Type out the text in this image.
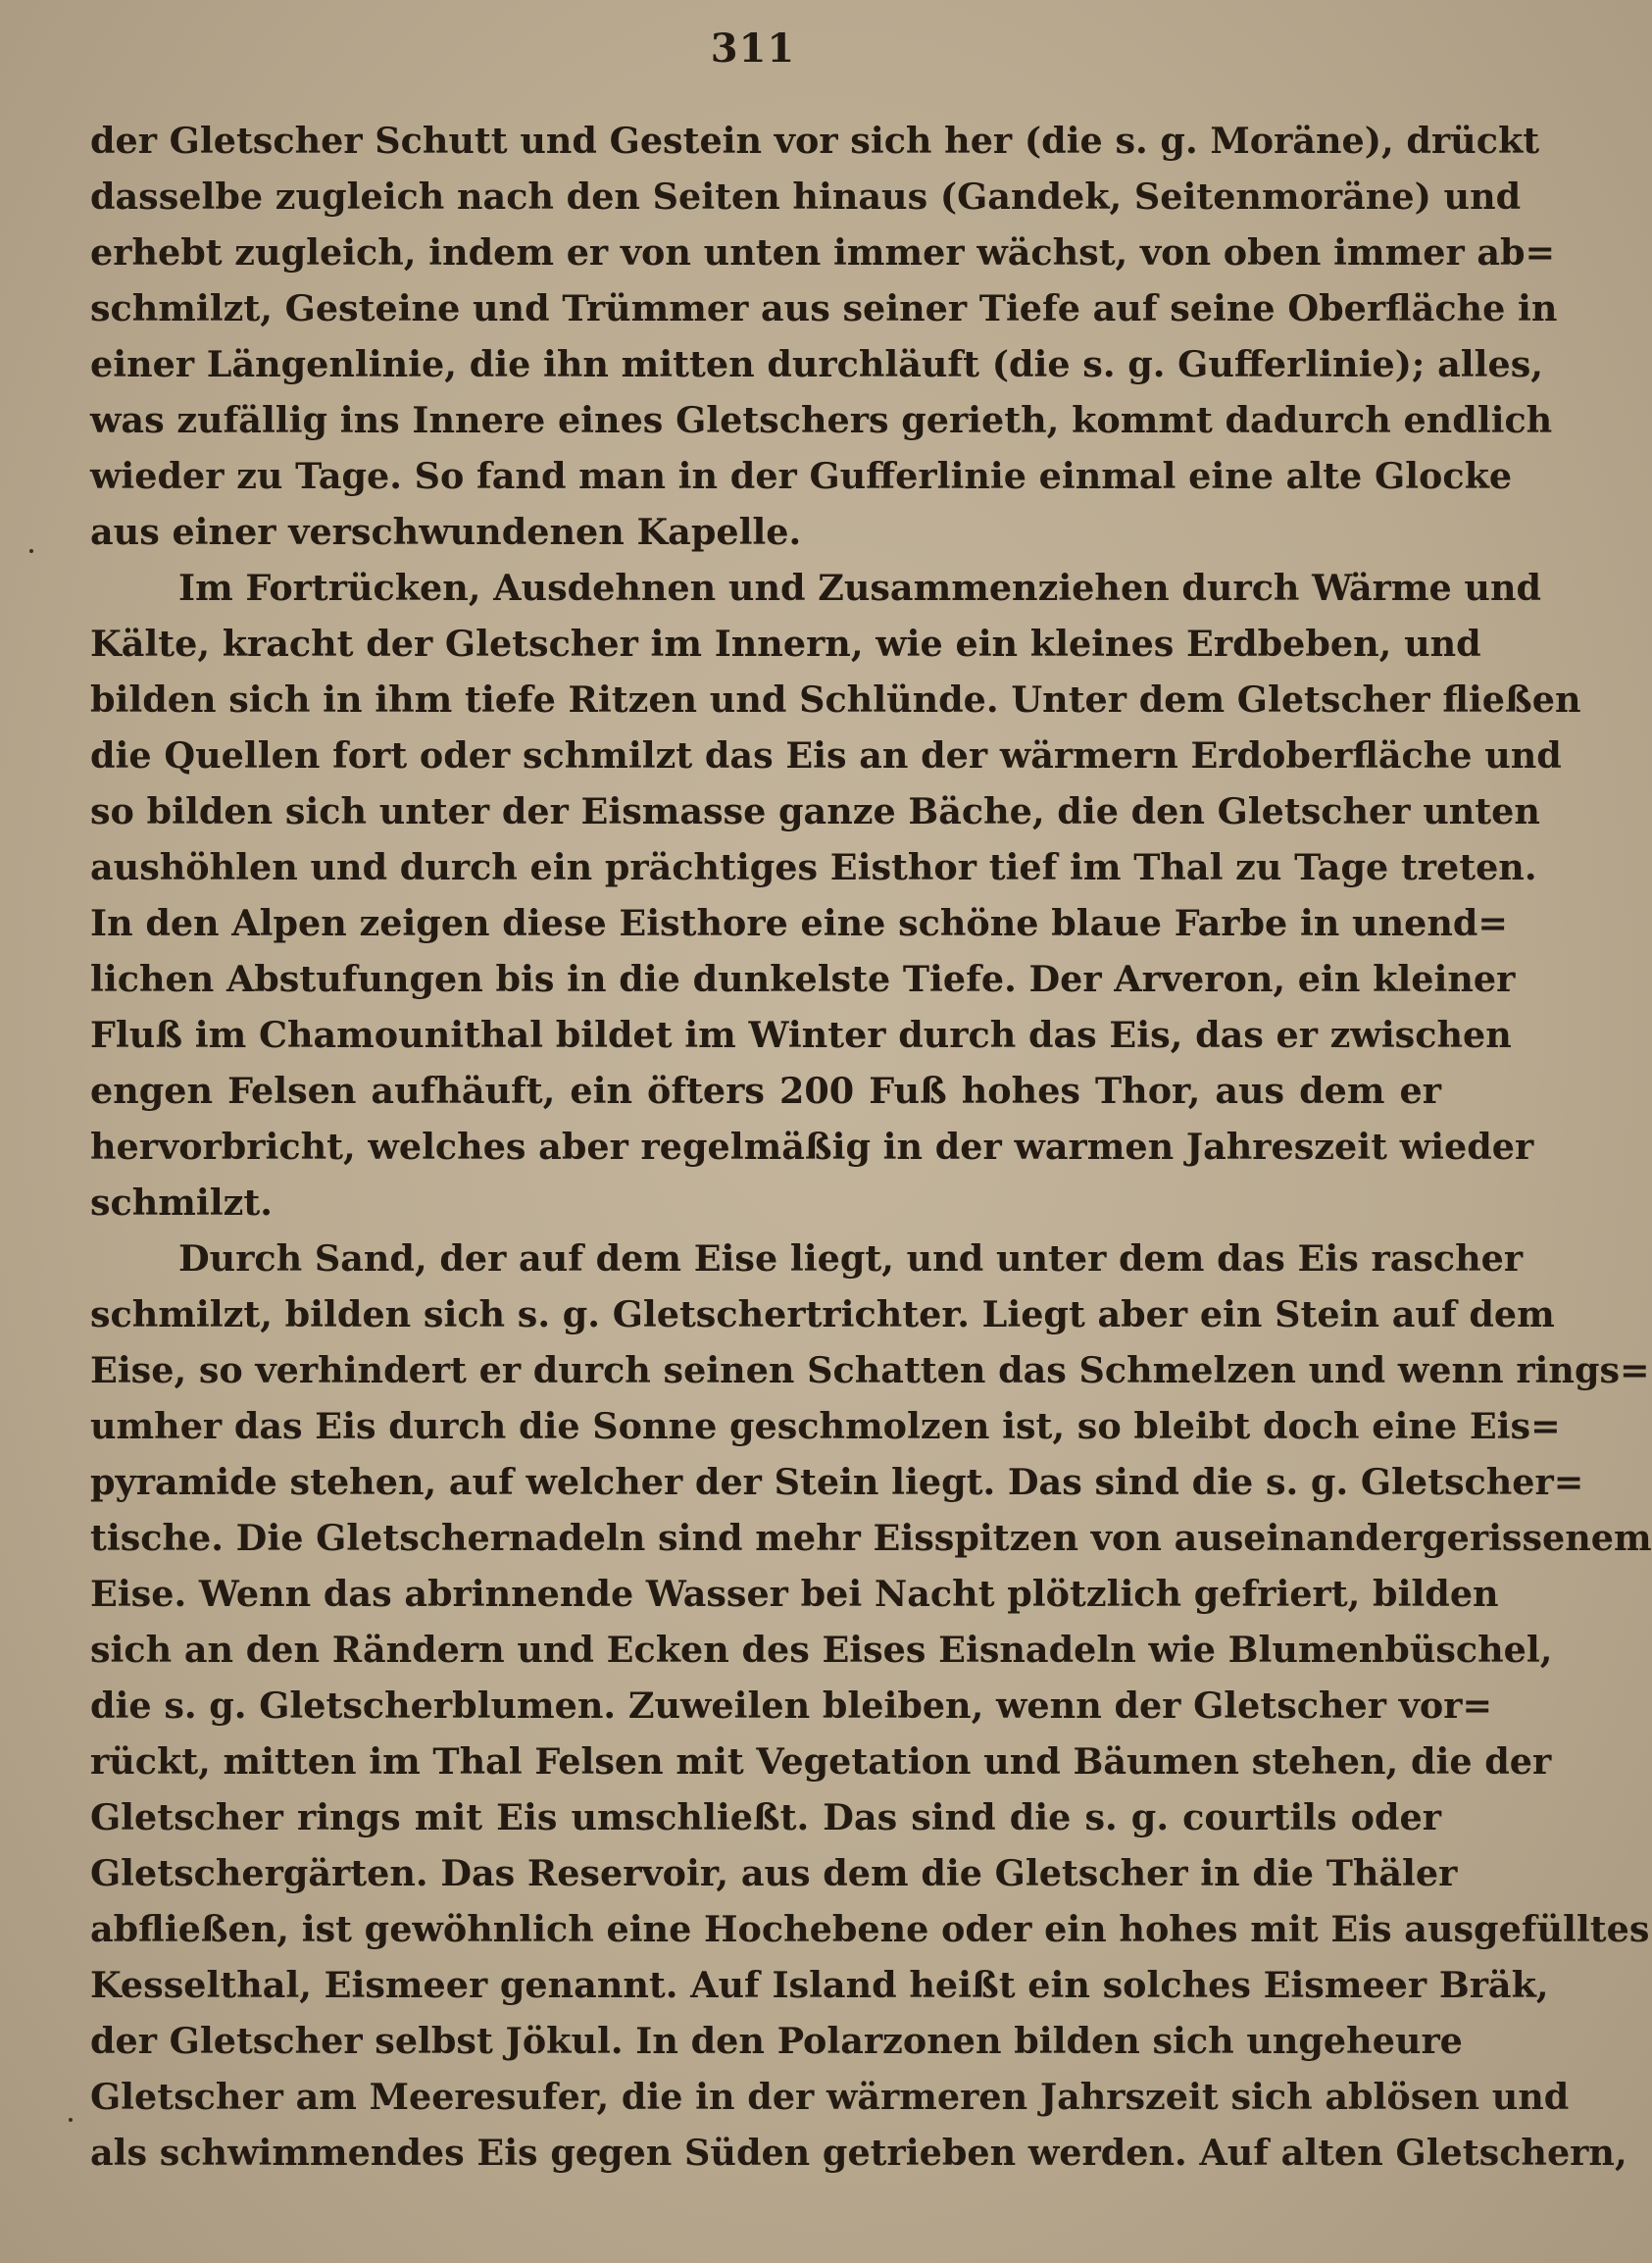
311
der Gletscher Schutt und Gestein vor sich her (die s. g. Moräne), drückt
dasselbe zugleich nach den Seiten hinaus (Gandek, Seitenmoräne) und
erhebt zugleich, indem er von unten immer wächst, von oben immer ab=
schmilzt, Gesteine und Trümmer aus seiner Tiefe auf seine Oberfläche in
einer Längenlinie, die ihn mitten durchläuft (die s. g. Gufferlinie); alles,
was zufällig ins Innere eines Gletschers gerieth, kommt dadurch endlich
wieder zu Tage. So fand man in der Gufferlinie einmal eine alte Glocke
aus einer verschwundenen Kapelle.
Im Fortrücken, Ausdehnen und Zusammenziehen durch Wärme und
Kälte, kracht der Gletscher im Innern, wie ein kleines Erdbeben, und
bilden sich in ihm tiefe Ritzen und Schlünde. Unter dem Gletscher fließen
die Quellen fort oder schmilzt das Eis an der wärmern Erdoberfläche und
so bilden sich unter der Eismasse ganze Bäche, die den Gletscher unten
aushöhlen und durch ein prächtiges Eisthor tief im Thal zu Tage treten.
In den Alpen zeigen diese Eisthore eine schöne blaue Farbe in unend=
lichen Abstufungen bis in die dunkelste Tiefe. Der Arveron, ein kleiner
Fluß im Chamounithal bildet im Winter durch das Eis, das er zwischen
engen Felsen aufhäuft, ein öfters 200 Fuß hohes Thor, aus dem er
hervorbricht, welches aber regelmäßig in der warmen Jahreszeit wieder
schmilzt.
Durch Sand, der auf dem Eise liegt, und unter dem das Eis rascher
schmilzt, bilden sich s. g. Gletschertrichter. Liegt aber ein Stein auf dem
Eise, so verhindert er durch seinen Schatten das Schmelzen und wenn rings=
umher das Eis durch die Sonne geschmolzen ist, so bleibt doch eine Eis=
pyramide stehen, auf welcher der Stein liegt. Das sind die s. g. Gletscher=
tische. Die Gletschernadeln sind mehr Eisspitzen von auseinandergerissenem
Eise. Wenn das abrinnende Wasser bei Nacht plötzlich gefriert, bilden
sich an den Rändern und Ecken des Eises Eisnadeln wie Blumenbüschel,
die s. g. Gletscherblumen. Zuweilen bleiben, wenn der Gletscher vor=
rückt, mitten im Thal Felsen mit Vegetation und Bäumen stehen, die der
Gletscher rings mit Eis umschließt. Das sind die s. g. courtils oder
Gletschergärten. Das Reservoir, aus dem die Gletscher in die Thäler
abfließen, ist gewöhnlich eine Hochebene oder ein hohes mit Eis ausgefülltes
Kesselthal, Eismeer genannt. Auf Island heißt ein solches Eismeer Bräk,
der Gletscher selbst Jökul. In den Polarzonen bilden sich ungeheure
Gletscher am Meeresufer, die in der wärmeren Jahrszeit sich ablösen und
als schwimmendes Eis gegen Süden getrieben werden. Auf alten Gletschern,
